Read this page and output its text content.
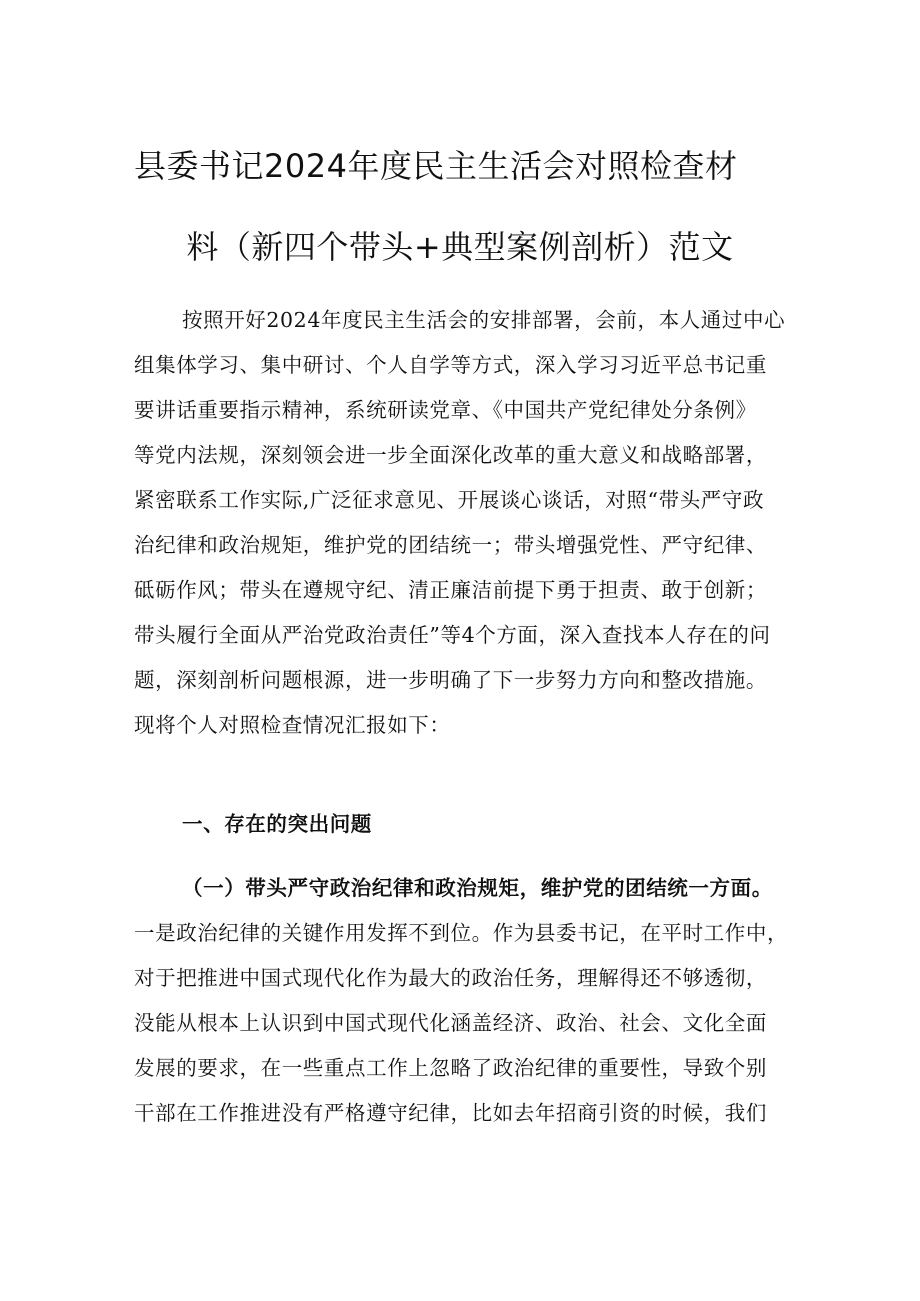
县委书记2024年度民主生活会对照检查材
料（新四个带头+典型案例剖析）范文
按照开好2024年度民主生活会的安排部署，会前，本人通过中心
组集体学习、集中研讨、个人自学等方式，深入学习习近平总书记重
要讲话重要指示精神，系统研读党章、《中国共产党纪律处分条例》
等党内法规，深刻领会进一步全面深化改革的重大意义和战略部署，
紧密联系工作实际,广泛征求意见、开展谈心谈话，对照“带头严守政
治纪律和政治规矩，维护党的团结统一；带头增强党性、严守纪律、
砥砺作风；带头在遵规守纪、清正廉洁前提下勇于担责、敢于创新；
带头履行全面从严治党政治责任”等4个方面，深入查找本人存在的问
题，深刻剖析问题根源，进一步明确了下一步努力方向和整改措施。
现将个人对照检查情况汇报如下：
一、存在的突出问题
（一）带头严守政治纪律和政治规矩，维护党的团结统一方面。
一是政治纪律的关键作用发挥不到位。作为县委书记，在平时工作中，
对于把推进中国式现代化作为最大的政治任务，理解得还不够透彻，
没能从根本上认识到中国式现代化涵盖经济、政治、社会、文化全面
发展的要求，在一些重点工作上忽略了政治纪律的重要性，导致个别
干部在工作推进没有严格遵守纪律，比如去年招商引资的时候，我们
